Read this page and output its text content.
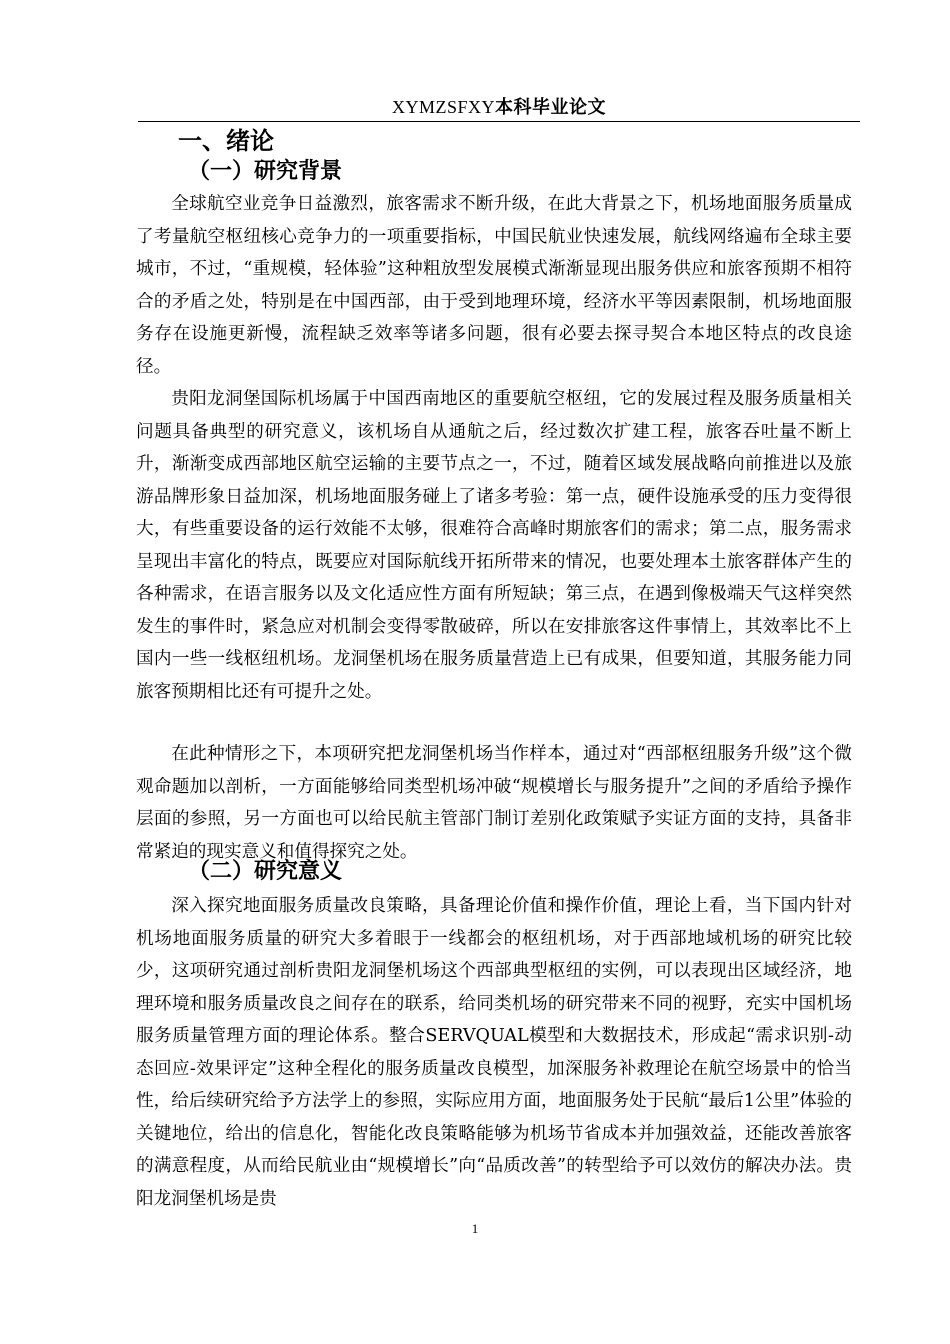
XYMZSFXY本科毕业论文
一、绪论
（一）研究背景

全球航空业竞争日益激烈，旅客需求不断升级，在此大背景之下，机场地面服务质量成了考量航空枢纽核心竞争力的一项重要指标，中国民航业快速发展，航线网络遍布全球主要城市，不过，“重规模，轻体验”这种粗放型发展模式渐渐显现出服务供应和旅客预期不相符合的矛盾之处，特别是在中国西部，由于受到地理环境，经济水平等因素限制，机场地面服务存在设施更新慢，流程缺乏效率等诸多问题，很有必要去探寻契合本地区特点的改良途径。

贵阳龙洞堡国际机场属于中国西南地区的重要航空枢纽，它的发展过程及服务质量相关问题具备典型的研究意义，该机场自从通航之后，经过数次扩建工程，旅客吞吐量不断上升，渐渐变成西部地区航空运输的主要节点之一，不过，随着区域发展战略向前推进以及旅游品牌形象日益加深，机场地面服务碰上了诸多考验：第一点，硬件设施承受的压力变得很大，有些重要设备的运行效能不太够，很难符合高峰时期旅客们的需求；第二点，服务需求呈现出丰富化的特点，既要应对国际航线开拓所带来的情况，也要处理本土旅客群体产生的各种需求，在语言服务以及文化适应性方面有所短缺；第三点，在遇到像极端天气这样突然发生的事件时，紧急应对机制会变得零散破碎，所以在安排旅客这件事情上，其效率比不上国内一些一线枢纽机场。龙洞堡机场在服务质量营造上已有成果，但要知道，其服务能力同旅客预期相比还有可提升之处。

在此种情形之下，本项研究把龙洞堡机场当作样本，通过对“西部枢纽服务升级”这个微观命题加以剖析，一方面能够给同类型机场冲破“规模增长与服务提升”之间的矛盾给予操作层面的参照，另一方面也可以给民航主管部门制订差别化政策赋予实证方面的支持，具备非常紧迫的现实意义和值得探究之处。

（二）研究意义

深入探究地面服务质量改良策略，具备理论价值和操作价值，理论上看，当下国内针对机场地面服务质量的研究大多着眼于一线都会的枢纽机场，对于西部地域机场的研究比较少，这项研究通过剖析贵阳龙洞堡机场这个西部典型枢纽的实例，可以表现出区域经济，地理环境和服务质量改良之间存在的联系，给同类机场的研究带来不同的视野，充实中国机场服务质量管理方面的理论体系。整合SERVQUAL模型和大数据技术，形成起“需求识别-动态回应-效果评定”这种全程化的服务质量改良模型，加深服务补救理论在航空场景中的恰当性，给后续研究给予方法学上的参照，实际应用方面，地面服务处于民航“最后1公里”体验的关键地位，给出的信息化，智能化改良策略能够为机场节省成本并加强效益，还能改善旅客的满意程度，从而给民航业由“规模增长”向“品质改善”的转型给予可以效仿的解决办法。贵阳龙洞堡机场是贵

1
